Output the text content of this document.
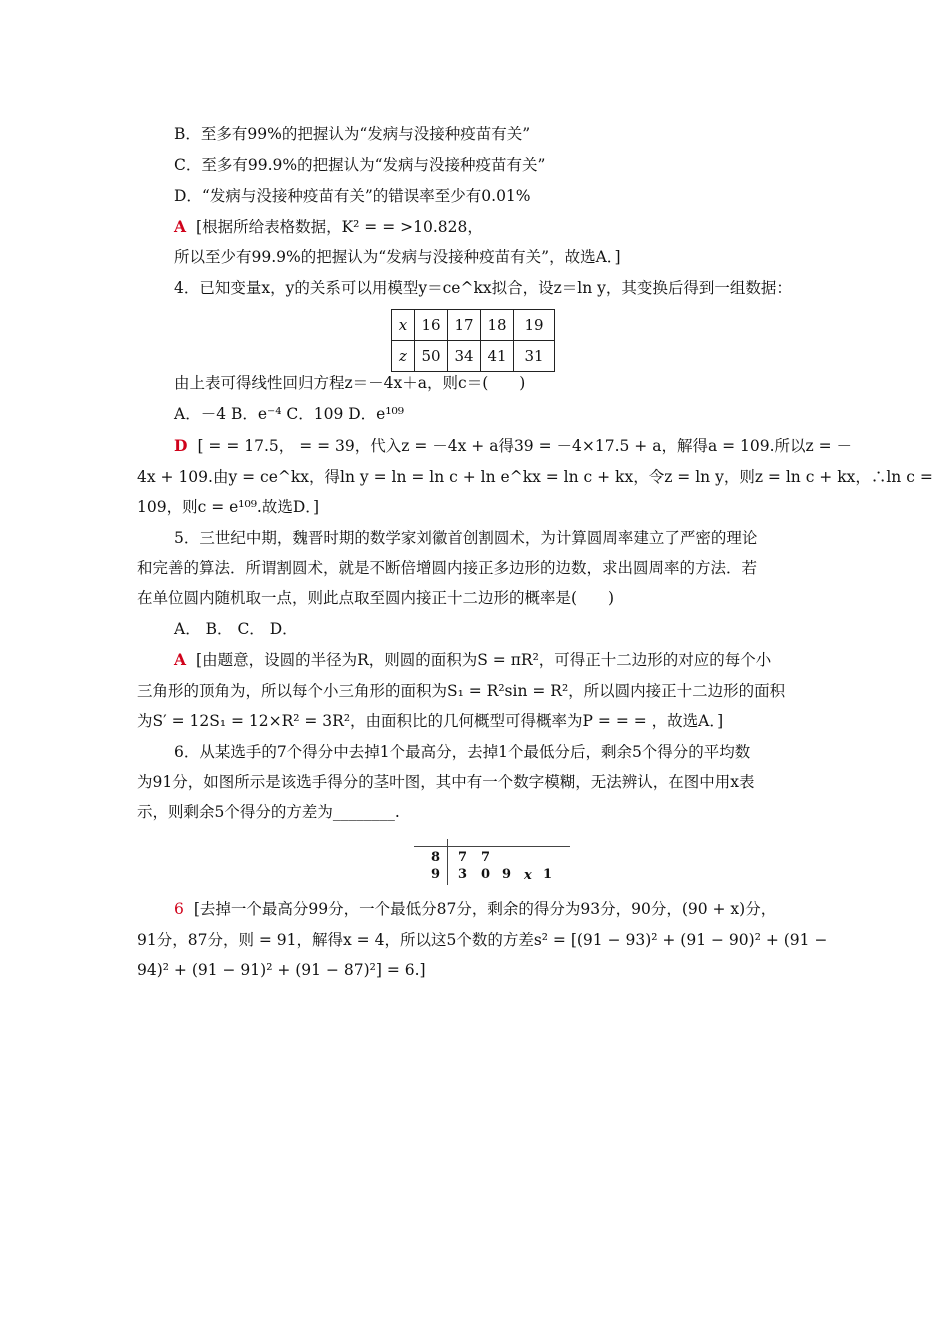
B．至多有99%的把握认为“发病与没接种疫苗有关”
C．至多有99.9%的把握认为“发病与没接种疫苗有关”
D．“发病与没接种疫苗有关”的错误率至少有0.01%
A [根据所给表格数据，K² = = >10.828，
所以至少有99.9%的把握认为“发病与没接种疫苗有关”，故选A．]
4．已知变量x，y的关系可以用模型y＝ce^kx拟合，设z＝ln y，其变换后得到一组数据：
x	16	17	18	19
z	50	34	41	31
由上表可得线性回归方程z＝－4x＋a，则c＝(　　)
A．－4 B．e⁻⁴ C．109 D．e¹⁰⁹
D [ = = 17.5， = = 39，代入z = －4x + a得39 = －4×17.5 + a，解得a = 109.所以z = －
4x + 109.由y = ce^kx，得ln y = ln = ln c + ln e^kx = ln c + kx，令z = ln y，则z = ln c + kx，∴ln c =
109，则c = e¹⁰⁹.故选D．]
5．三世纪中期，魏晋时期的数学家刘徽首创割圆术，为计算圆周率建立了严密的理论
和完善的算法．所谓割圆术，就是不断倍增圆内接正多边形的边数，求出圆周率的方法．若
在单位圆内随机取一点，则此点取至圆内接正十二边形的概率是(　　)
A． B． C． D．
A [由题意，设圆的半径为R，则圆的面积为S = πR²，可得正十二边形的对应的每个小
三角形的顶角为，所以每个小三角形的面积为S₁ = R²sin = R²，所以圆内接正十二边形的面积
为S′ = 12S₁ = 12×R² = 3R²，由面积比的几何概型可得概率为P = = = ，故选A．]
6．从某选手的7个得分中去掉1个最高分，去掉1个最低分后，剩余5个得分的平均数
为91分，如图所示是该选手得分的茎叶图，其中有一个数字模糊，无法辨认，在图中用x表
示，则剩余5个得分的方差为________.
8 7 7
9 3 0 9 x 1
6 [去掉一个最高分99分，一个最低分87分，剩余的得分为93分，90分，(90 + x)分，
91分，87分，则 = 91，解得x = 4，所以这5个数的方差s² = [(91 − 93)² + (91 − 90)² + (91 −
94)² + (91 − 91)² + (91 − 87)²] = 6.]
